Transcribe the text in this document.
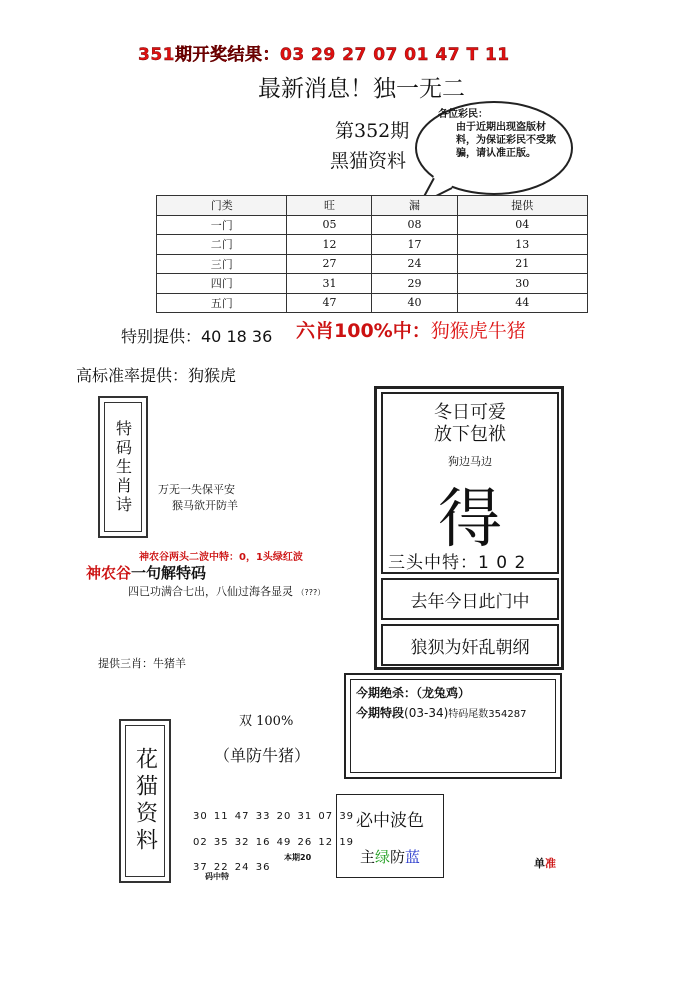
351期开奖结果：03 29 27 07 01 47 T 11
最新消息！独一无二
第352期
黑猫资料
各位彩民：
由于近期出现盗版材料，为保证彩民不受欺骗，请认准正版。
门类	旺	漏	提供
一门	05	08	04
二门	12	17	13
三门	27	24	21
四门	31	29	30
五门	47	40	44
特别提供：40 18 36 六肖100%中：狗猴虎牛猪
高标准率提供：狗猴虎
特码生肖诗 万无一失保平安
猴马欲开防羊
冬日可爱
放下包袱
狗边马边
得
三头中特：1 0 2
去年今日此门中
狼狈为奸乱朝纲
神农谷两头二波中特：0，1头绿红波
神农谷一句解特码
四已功满合七出，八仙过海各显灵 （???）
提供三肖：牛猪羊
今期绝杀：（龙兔鸡）
今期特段(03-34)特码尾数354287
花猫资料
双 100%
（单防牛猪）
30 11 47 33 20 31 07 39
02 35 32 16 49 26 12 19
37 22 24 36
本期20
码中特
必中波色
主绿防蓝	单准
